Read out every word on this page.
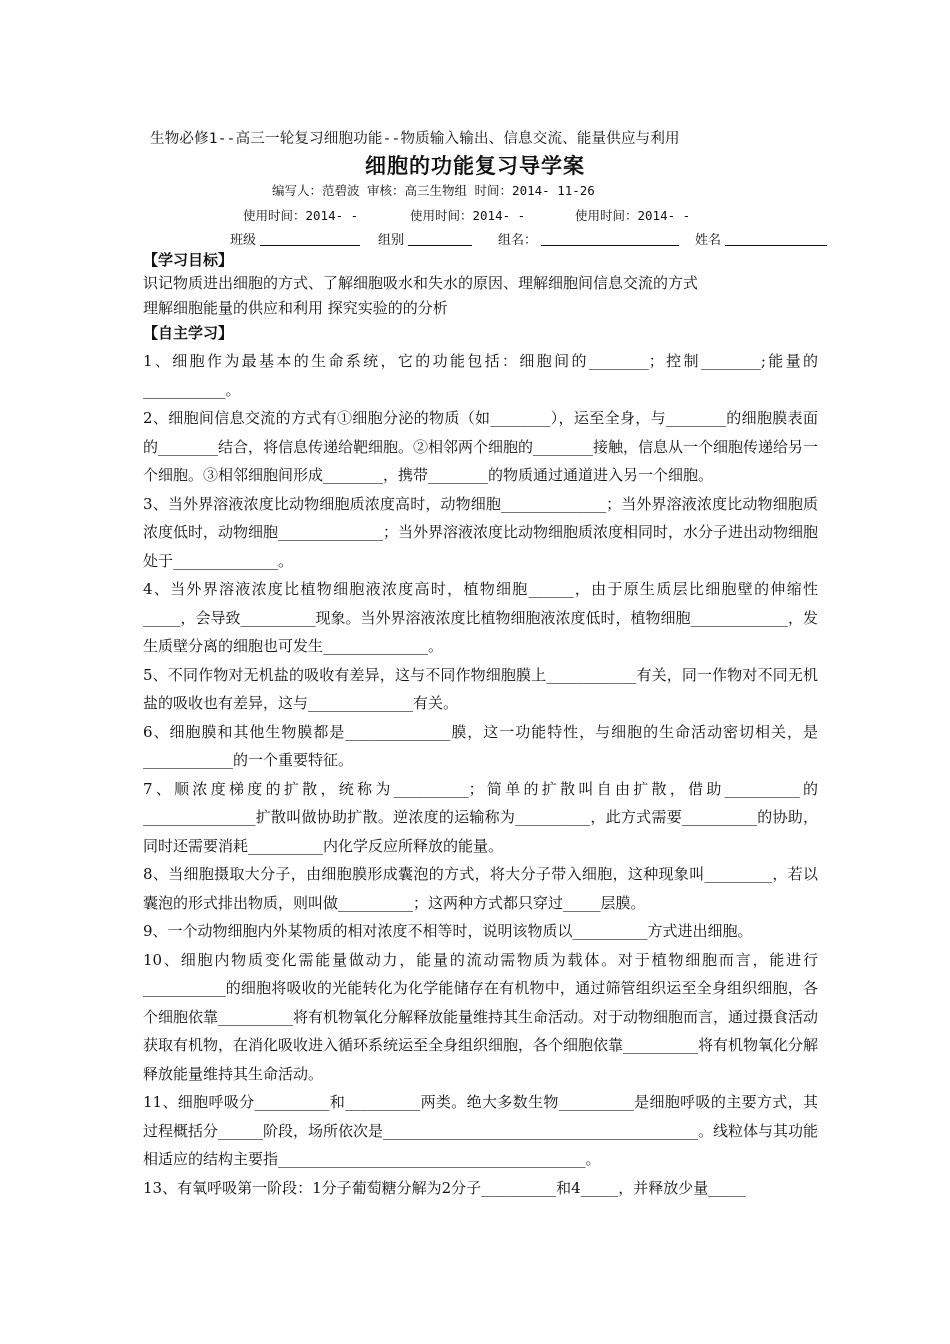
生物必修1--高三一轮复习细胞功能--物质输入输出、信息交流、能量供应与利用
细胞的功能复习导学案
编写人：范碧波 审核：高三生物组 时间：2014- 11-26
使用时间：2014- -	使用时间：2014- -	使用时间：2014- -
班级	组别	组名：	姓名
【学习目标】
识记物质进出细胞的方式、了解细胞吸水和失水的原因、理解细胞间信息交流的方式
理解细胞能量的供应和利用 探究实验的的分析
【自主学习】

1、细胞作为最基本的生命系统，它的功能包括：细胞间的________；控制________;能量的___________。

2、细胞间信息交流的方式有①细胞分泌的物质（如________），运至全身，与________的细胞膜表面的________结合，将信息传递给靶细胞。②相邻两个细胞的________接触，信息从一个细胞传递给另一个细胞。③相邻细胞间形成________，携带________的物质通过通道进入另一个细胞。

3、当外界溶液浓度比动物细胞质浓度高时，动物细胞______________；当外界溶液浓度比动物细胞质浓度低时，动物细胞______________；当外界溶液浓度比动物细胞质浓度相同时，水分子进出动物细胞处于______________。

4、当外界溶液浓度比植物细胞液浓度高时，植物细胞______，由于原生质层比细胞壁的伸缩性_____，会导致__________现象。当外界溶液浓度比植物细胞液浓度低时，植物细胞_____________，发生质壁分离的细胞也可发生______________。

5、不同作物对无机盐的吸收有差异，这与不同作物细胞膜上____________有关，同一作物对不同无机盐的吸收也有差异，这与______________有关。

6、细胞膜和其他生物膜都是______________膜，这一功能特性，与细胞的生命活动密切相关，是____________的一个重要特征。

7、顺浓度梯度的扩散，统称为__________；简单的扩散叫自由扩散，借助__________的_______________扩散叫做协助扩散。逆浓度的运输称为__________，此方式需要__________的协助，同时还需要消耗__________内化学反应所释放的能量。

8、当细胞摄取大分子，由细胞膜形成囊泡的方式，将大分子带入细胞，这种现象叫_________，若以囊泡的形式排出物质，则叫做__________；这两种方式都只穿过_____层膜。

9、一个动物细胞内外某物质的相对浓度不相等时，说明该物质以__________方式进出细胞。

10、细胞内物质变化需能量做动力，能量的流动需物质为载体。对于植物细胞而言，能进行___________的细胞将吸收的光能转化为化学能储存在有机物中，通过筛管组织运至全身组织细胞，各个细胞依靠__________将有机物氧化分解释放能量维持其生命活动。对于动物细胞而言，通过摄食活动获取有机物，在消化吸收进入循环系统运至全身组织细胞，各个细胞依靠__________将有机物氧化分解释放能量维持其生命活动。

11、细胞呼吸分__________和__________两类。绝大多数生物__________是细胞呼吸的主要方式，其过程概括分______阶段，场所依次是__________________________________________。线粒体与其功能相适应的结构主要指_________________________________________。

13、有氧呼吸第一阶段：1分子葡萄糖分解为2分子__________和4_____，并释放少量_____
